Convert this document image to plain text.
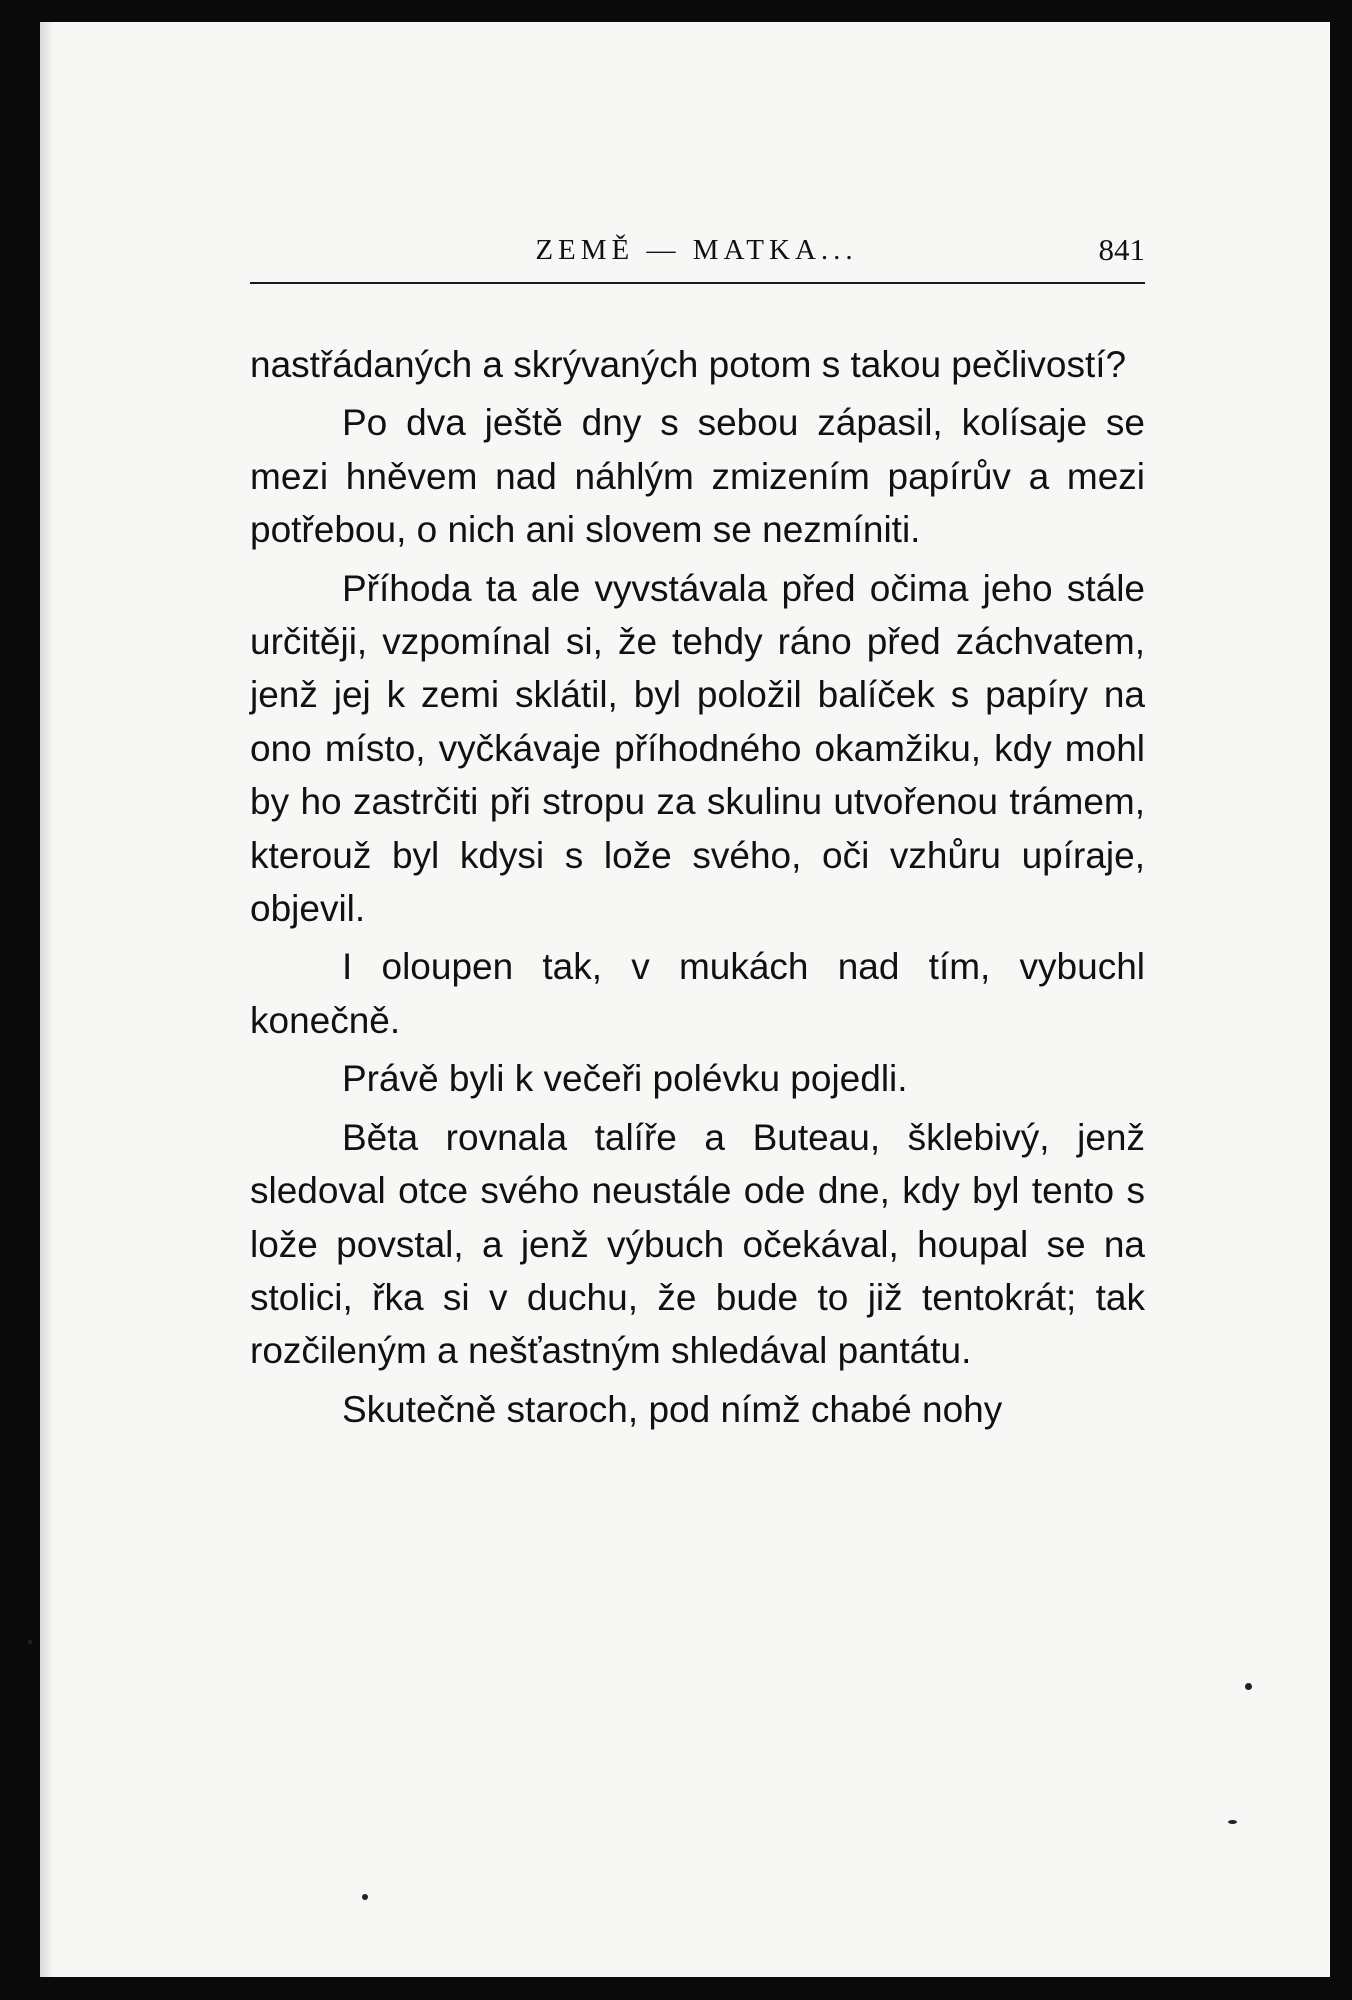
ZEMĚ — MATKA...	841

nastřádaných a skrývaných potom s takou pečlivostí?

Po dva ještě dny s sebou zápasil, kolísaje se mezi hněvem nad náhlým zmizením papírův a mezi potřebou, o nich ani slovem se nezmíniti.

Příhoda ta ale vyvstávala před očima jeho stále určitěji, vzpomínal si, že tehdy ráno před záchvatem, jenž jej k zemi sklátil, byl položil balíček s papíry na ono místo, vyčkávaje příhodného okamžiku, kdy mohl by ho zastrčiti při stropu za skulinu utvořenou trámem, kterouž byl kdysi s lože svého, oči vzhůru upíraje, objevil.

I oloupen tak, v mukách nad tím, vybuchl konečně.

Právě byli k večeři polévku pojedli.

Běta rovnala talíře a Buteau, šklebivý, jenž sledoval otce svého neustále ode dne, kdy byl tento s lože povstal, a jenž výbuch očekával, houpal se na stolici, řka si v duchu, že bude to již tentokrát; tak rozčileným a nešťastným shledával pantátu.

Skutečně staroch, pod nímž chabé nohy
